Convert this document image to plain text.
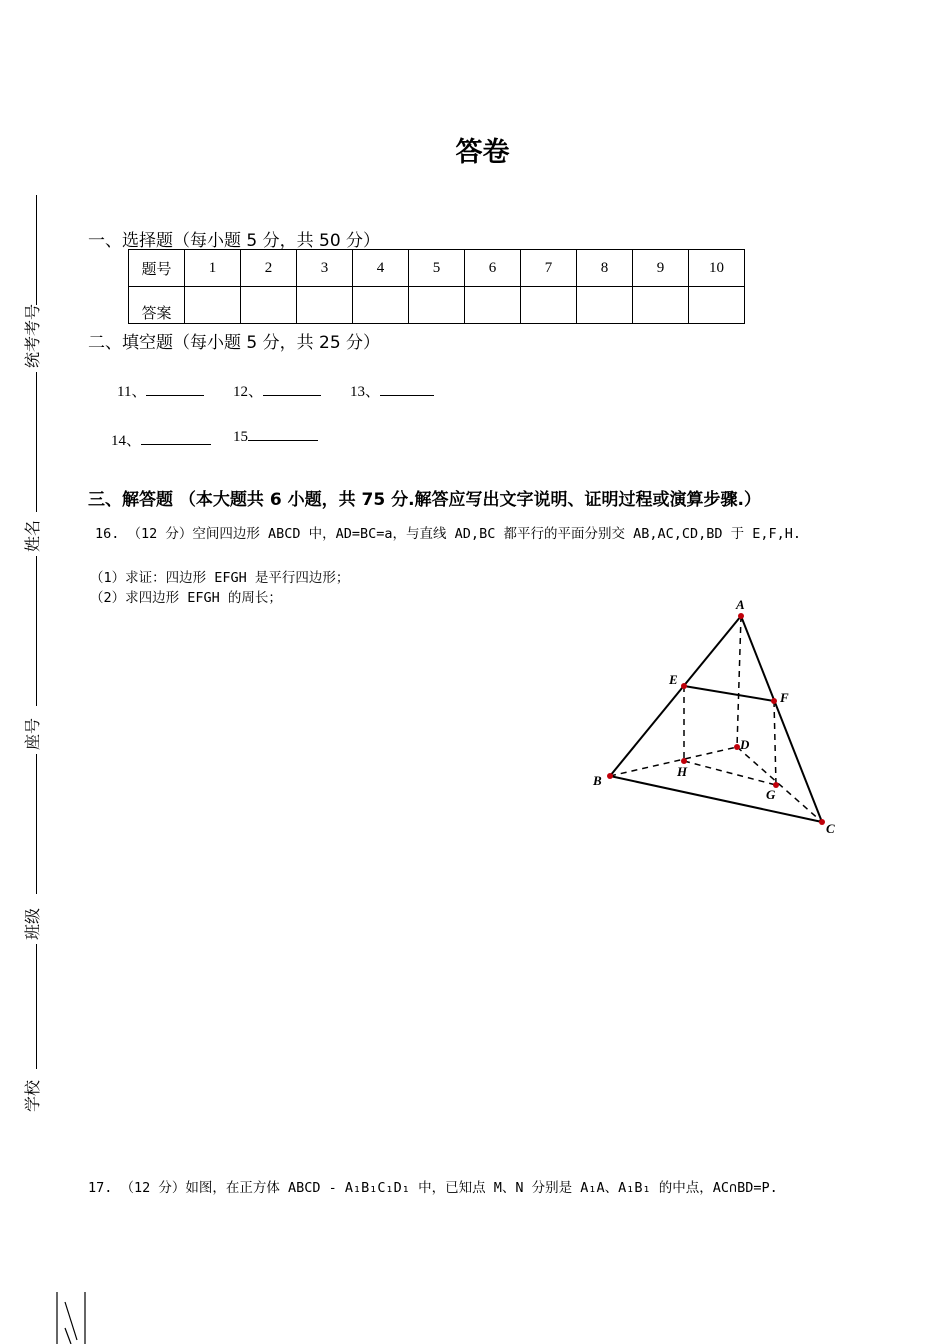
答卷
统考考号
姓名
座号
班级
学校
一、选择题（每小题 5 分，共 50 分）
题号	1	2	3	4	5	6	7	8	9	10
答案										
二、填空题（每小题 5 分，共 25 分）
11、	12、	13、
14、	15
三、解答题 （本大题共 6 小题，共 75 分.解答应写出文字说明、证明过程或演算步骤.）
16. （12 分）空间四边形 ABCD 中，AD=BC=a，与直线 AD,BC 都平行的平面分别交 AB,AC,CD,BD 于 E,F,H.
（1）求证：四边形 EFGH 是平行四边形；
（2）求四边形 EFGH 的周长；	A
B
C
D
E
F
G
H
17. （12 分）如图，在正方体 ABCD - A₁B₁C₁D₁ 中，已知点 M、N 分别是 A₁A、A₁B₁ 的中点，AC∩BD=P.
